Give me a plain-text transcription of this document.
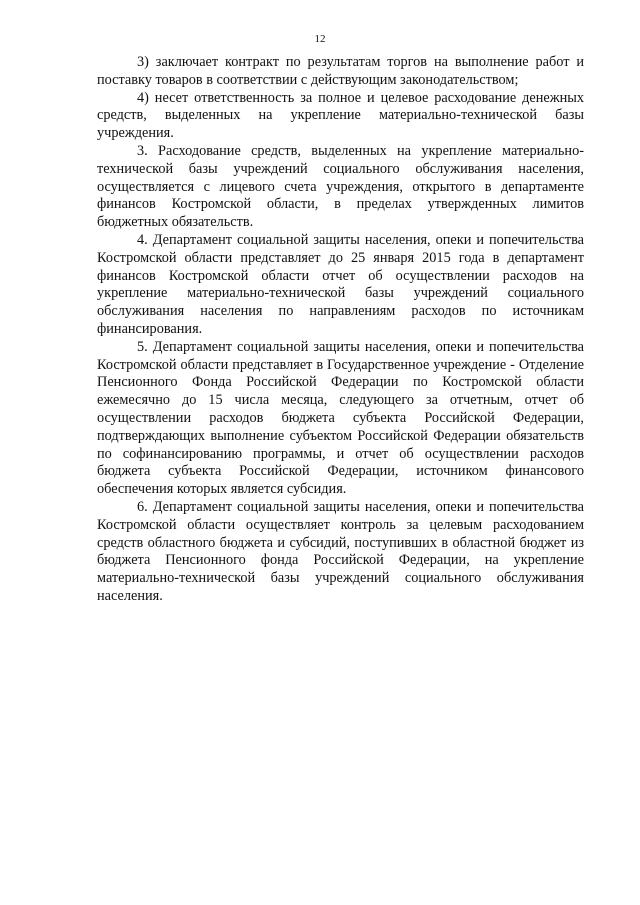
12

3) заключает контракт по результатам торгов на выполнение работ и поставку товаров в соответствии с действующим законодательством;

4) несет ответственность за полное и целевое расходование денежных средств, выделенных на укрепление материально-технической базы учреждения.

3. Расходование средств, выделенных на укрепление материально-технической базы учреждений социального обслуживания населения, осуществляется с лицевого счета учреждения, открытого в департаменте финансов Костромской области, в пределах утвержденных лимитов бюджетных обязательств.

4. Департамент социальной защиты населения, опеки и попечительства Костромской области представляет до 25 января 2015 года в департамент финансов Костромской области отчет об осуществлении расходов на укрепление материально-технической базы учреждений социального обслуживания населения по направлениям расходов по источникам финансирования.

5. Департамент социальной защиты населения, опеки и попечительства Костромской области представляет в Государственное учреждение - Отделение Пенсионного Фонда Российской Федерации по Костромской области ежемесячно до 15 числа месяца, следующего за отчетным, отчет об осуществлении расходов бюджета субъекта Российской Федерации, подтверждающих выполнение субъектом Российской Федерации обязательств по софинансированию программы, и отчет об осуществлении расходов бюджета субъекта Российской Федерации, источником финансового обеспечения которых является субсидия.

6. Департамент социальной защиты населения, опеки и попечительства Костромской области осуществляет контроль за целевым расходованием средств областного бюджета и субсидий, поступивших в областной бюджет из бюджета Пенсионного фонда Российской Федерации, на укрепление материально-технической базы учреждений социального обслуживания населения.
